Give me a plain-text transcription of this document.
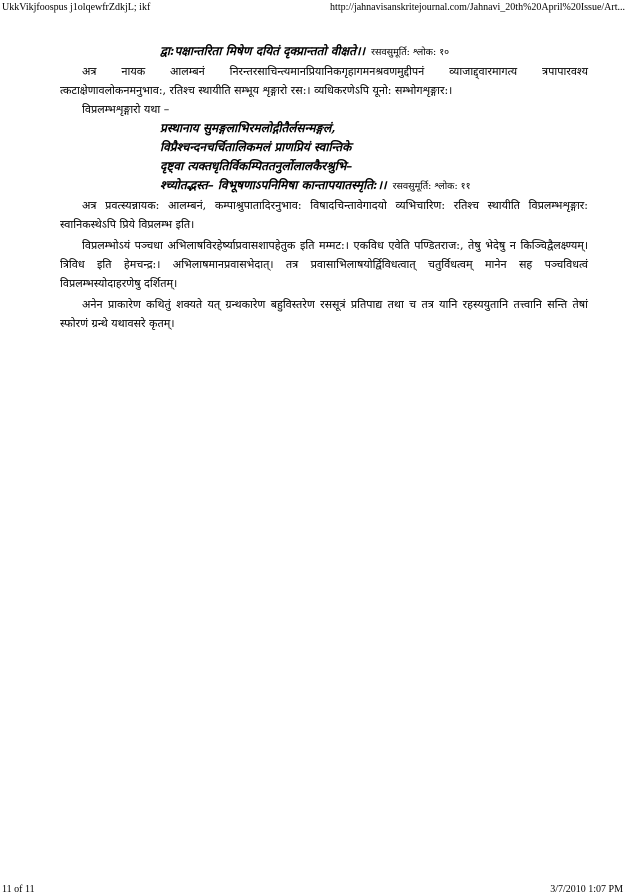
UkkVikjfoospus j1olqewfrZdkjL; ikf	http://jahnavisanskritejournal.com/Jahnavi_20th%20April%20Issue/Art...

द्वा:पक्षान्तरिता मिषेण दयितं दृक्प्रान्ततो वीक्षते।। रसवसुमूर्ति: श्लोक: १०

अत्र नायक आलम्बनं निरन्तरसाचिन्त्यमानप्रियानिकगृहागमनश्रवणमुद्दीपनं व्याजाद्द्वारमागत्य त्रपापारवश्य त्कटाक्षेणावलोकनमनुभाव:, रतिश्च स्थायीति सम्भूय शृङ्गारो रस:। व्यधिकरणेऽपि यूनो: सम्भोगशृङ्गार:।

विप्रलम्भशृङ्गारो यथा –

प्रस्थानाय सुमङ्गलाभिरमलोद्गीतैर्लसन्मङ्गलं,

विप्रैश्चन्दनचर्चितालिकमलं प्राणप्रियं स्वान्तिके

दृष्ट्वा त्यक्तधृतिर्विकम्पिततनुर्लोलालकैरश्रुभि–

श्च्योतद्भस्त– विभूषणाऽपनिमिषा कान्तापयातस्मृति:।। रसवसुमूर्ति: श्लोक: ११

अत्र प्रवत्स्यन्नायक: आलम्बनं, कम्पाश्रुपातादिरनुभाव: विषादचिन्तावेगादयो व्यभिचारिण: रतिश्च स्थायीति विप्रलम्भशृङ्गार: स्वानिकस्थेऽपि प्रिये विप्रलम्भ इति।

विप्रलम्भोऽयं पञ्चधा अभिलाषविरहेर्ष्याप्रवासशापहेतुक इति मम्मट:। एकविध एवेति पण्डितराज:, तेषु भेदेषु न किञ्चिद्वैलक्ष्ण्यम्। त्रिविध इति हेमचन्द्र:। अभिलाषमानप्रवासभेदात्। तत्र प्रवासाभिलाषयोर्द्विविधत्वात् चतुर्विधत्वम् मानेन सह पञ्चविधत्वं विप्रलम्भस्योदाहरणेषु दर्शितम्।

अनेन प्राकारेण कथितुं शक्यते यत् ग्रन्थकारेण बहुविस्तरेण रससूत्रं प्रतिपाद्य तथा च तत्र यानि रहस्ययुतानि तत्त्वानि सन्ति तेषां स्फोरणं ग्रन्थे यथावसरे कृतम्।

11 of 11	3/7/2010 1:07 PM
